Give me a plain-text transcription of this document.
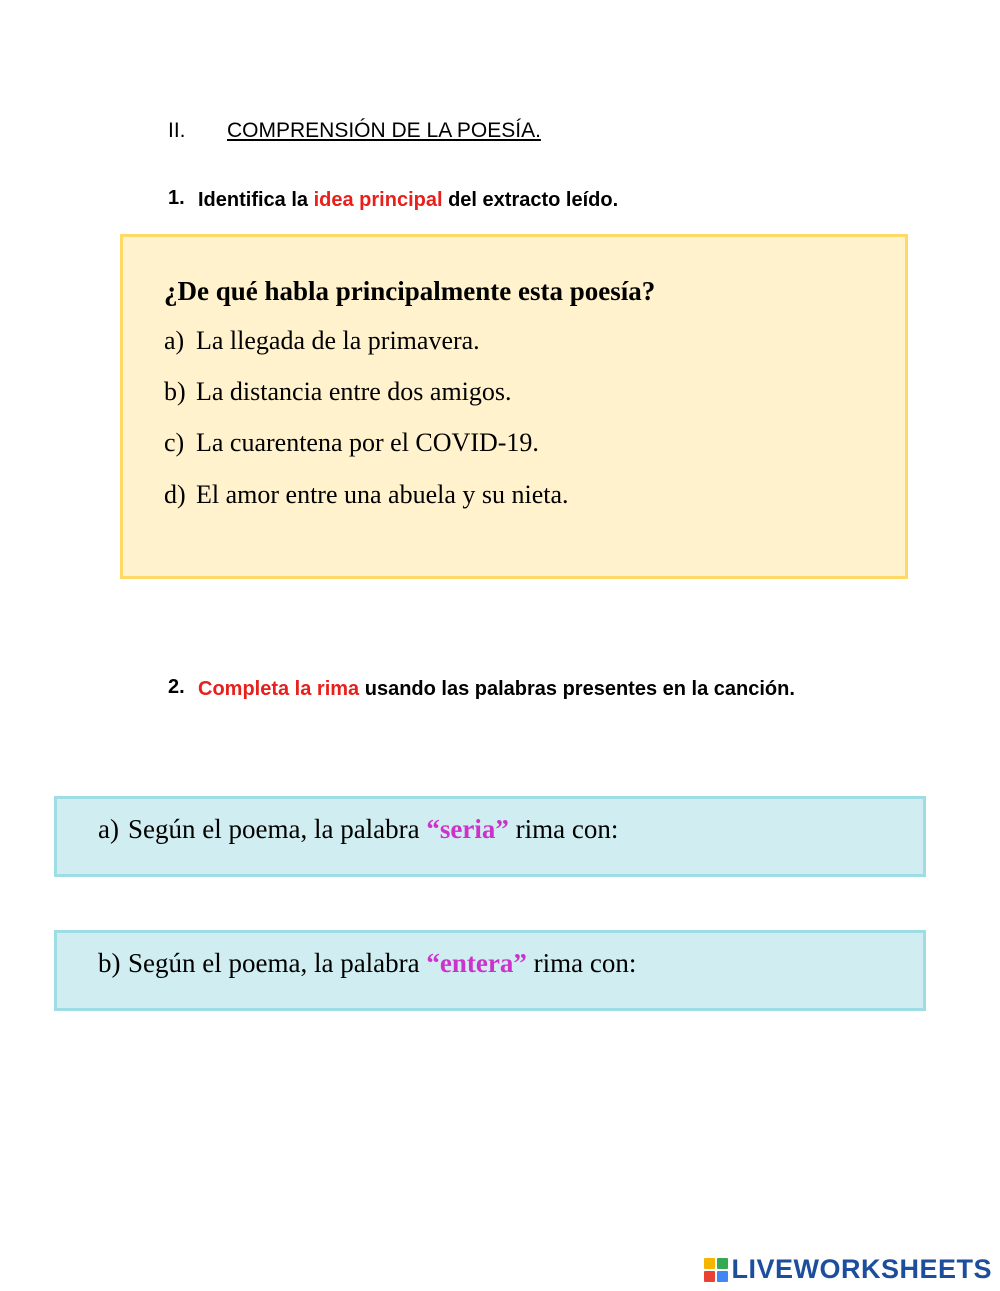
II. COMPRENSIÓN DE LA POESÍA.
1. Identifica la idea principal del extracto leído.
¿De qué habla principalmente esta poesía?
a) La llegada de la primavera.
b) La distancia entre dos amigos.
c) La cuarentena por el COVID-19.
d) El amor entre una abuela y su nieta.
2. Completa la rima usando las palabras presentes en la canción.
a) Según el poema, la palabra “seria” rima con:
b) Según el poema, la palabra “entera” rima con:
LIVEWORKSHEETS
